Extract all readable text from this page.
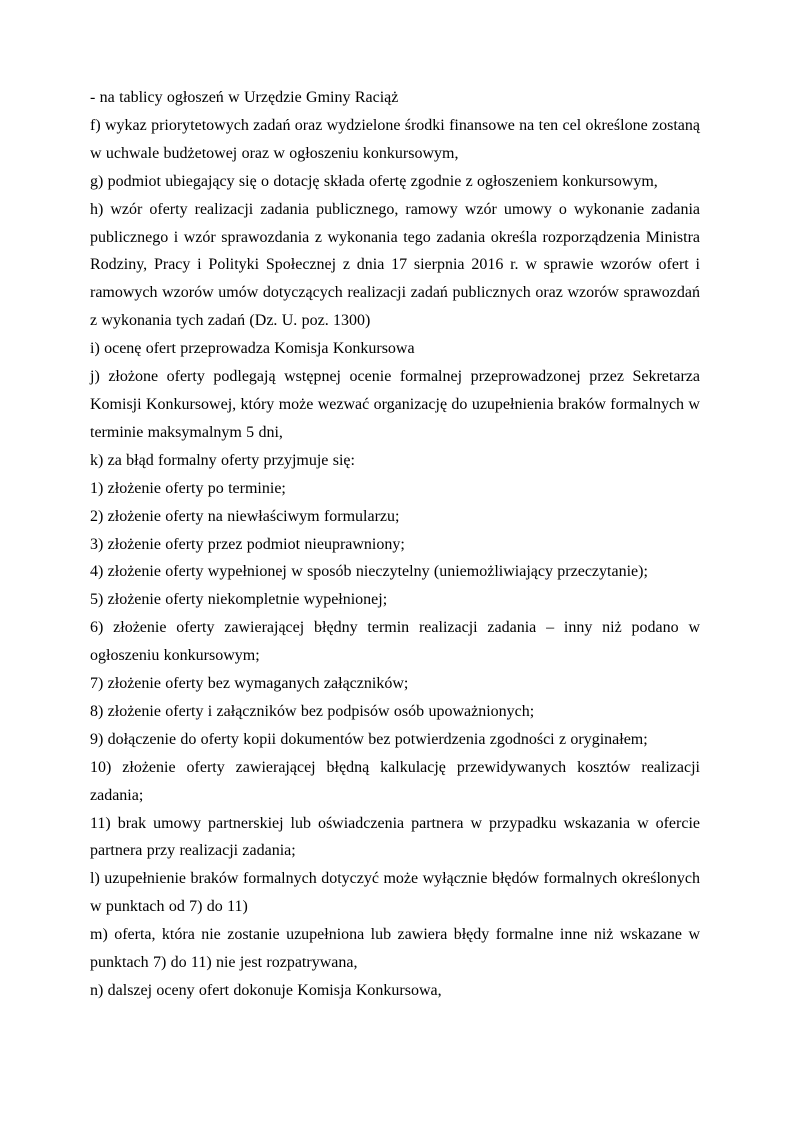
- na tablicy ogłoszeń w Urzędzie Gminy Raciąż

f) wykaz priorytetowych zadań oraz wydzielone środki finansowe na ten cel określone zostaną w uchwale budżetowej oraz w ogłoszeniu konkursowym,

g) podmiot ubiegający się o dotację składa ofertę zgodnie z ogłoszeniem konkursowym,

h) wzór oferty realizacji zadania publicznego, ramowy wzór umowy o wykonanie zadania publicznego i wzór sprawozdania z wykonania tego zadania określa rozporządzenia Ministra Rodziny, Pracy i Polityki Społecznej z dnia 17 sierpnia 2016 r. w sprawie wzorów ofert i ramowych wzorów umów dotyczących realizacji zadań publicznych oraz wzorów sprawozdań z wykonania tych zadań (Dz. U. poz. 1300)

i) ocenę ofert przeprowadza Komisja Konkursowa

j) złożone oferty podlegają wstępnej ocenie formalnej przeprowadzonej przez Sekretarza Komisji Konkursowej, który może wezwać organizację do uzupełnienia braków formalnych w terminie maksymalnym 5 dni,

k) za błąd formalny oferty przyjmuje się:

1) złożenie oferty po terminie;

2) złożenie oferty na niewłaściwym formularzu;

3) złożenie oferty przez podmiot nieuprawniony;

4) złożenie oferty wypełnionej w sposób nieczytelny (uniemożliwiający przeczytanie);

5) złożenie oferty niekompletnie wypełnionej;

6) złożenie oferty zawierającej błędny termin realizacji zadania – inny niż podano w ogłoszeniu konkursowym;

7) złożenie oferty bez wymaganych załączników;

8) złożenie oferty i załączników bez podpisów osób upoważnionych;

9) dołączenie do oferty kopii dokumentów bez potwierdzenia zgodności z oryginałem;

10) złożenie oferty zawierającej błędną kalkulację przewidywanych kosztów realizacji zadania;

11) brak umowy partnerskiej lub oświadczenia partnera w przypadku wskazania w ofercie partnera przy realizacji zadania;

l) uzupełnienie braków formalnych dotyczyć może wyłącznie błędów formalnych określonych w punktach od 7) do 11)

m) oferta, która nie zostanie uzupełniona lub zawiera błędy formalne inne niż wskazane w punktach 7) do 11) nie jest rozpatrywana,

n) dalszej oceny ofert dokonuje Komisja Konkursowa,
